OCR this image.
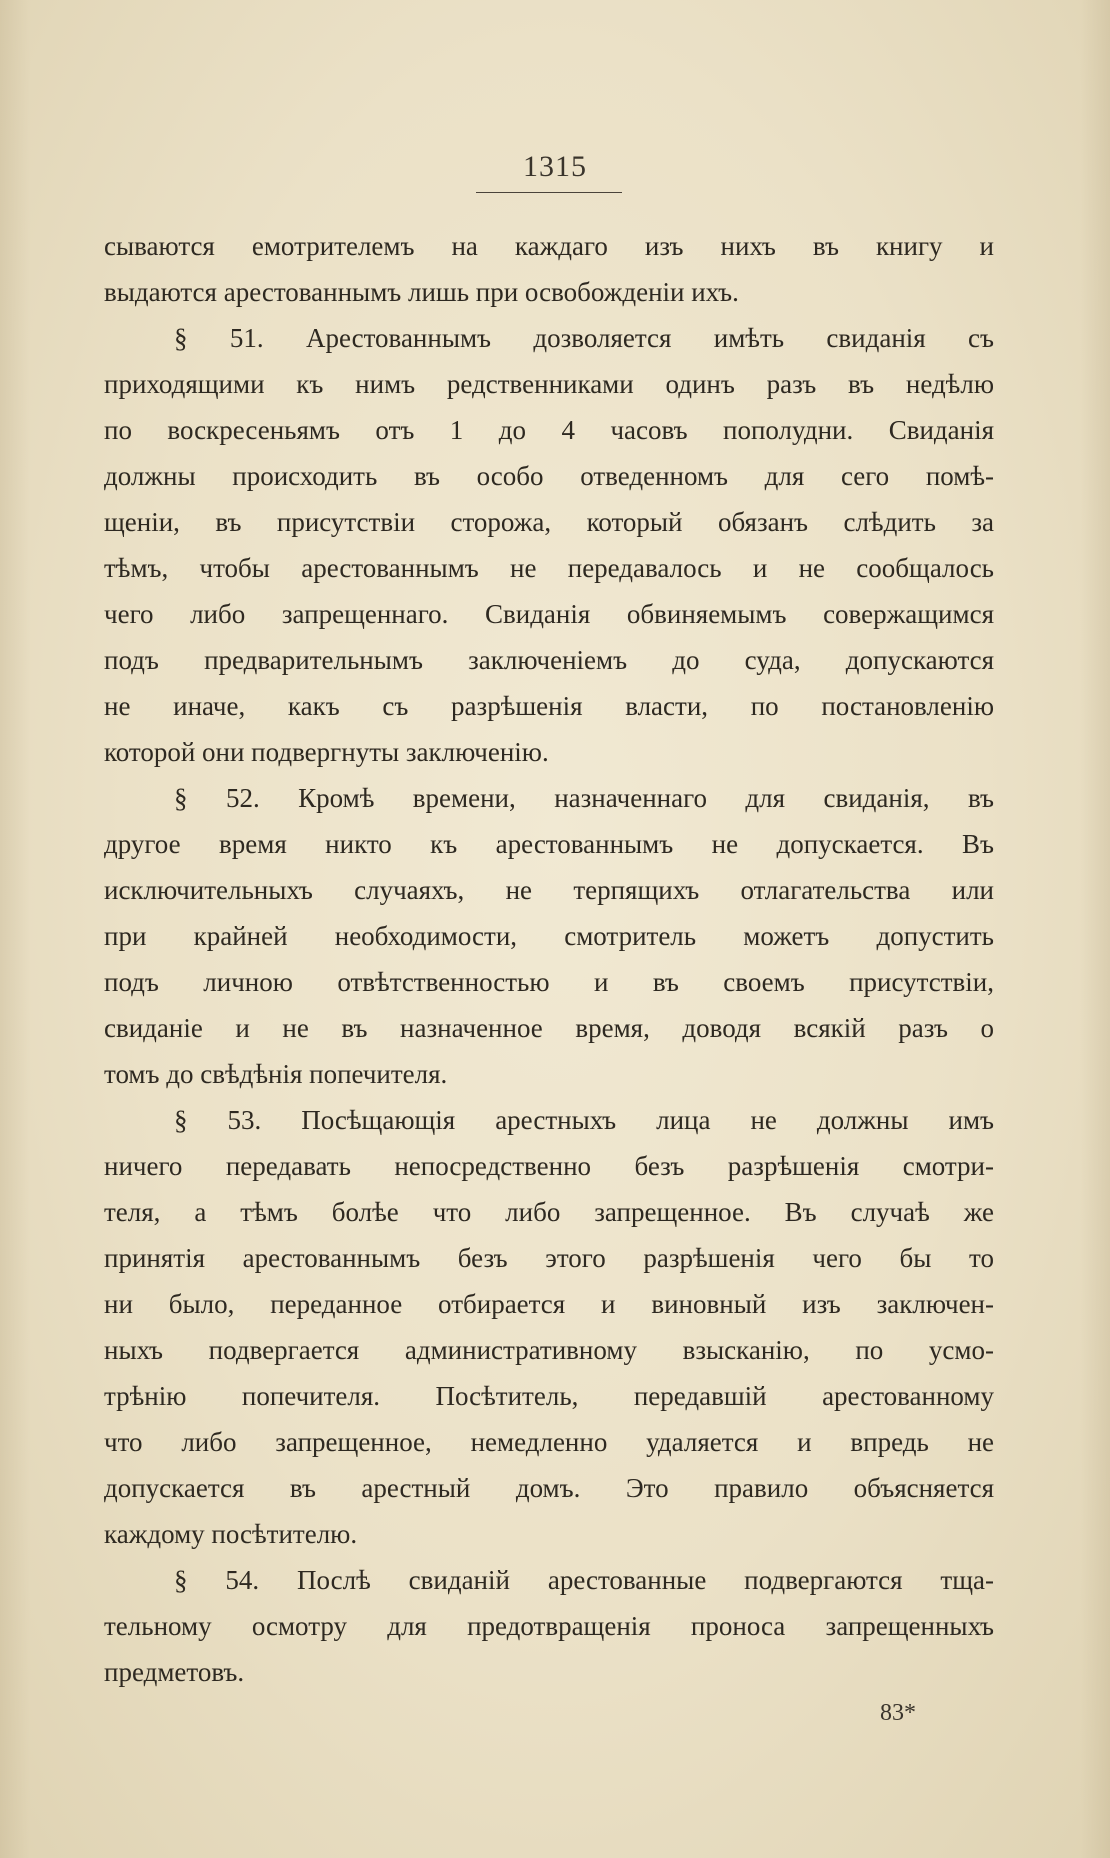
1315
сываются емотрителемъ на каждаго изъ нихъ въ книгу и
выдаются арестованнымъ лишь при освобожденіи ихъ.
§ 51. Арестованнымъ дозволяется имѣть свиданія съ
приходящими къ нимъ редственниками одинъ разъ въ недѣлю
по воскресеньямъ отъ 1 до 4 часовъ пополудни. Свиданія
должны происходить въ особо отведенномъ для сего помѣ-
щеніи, въ присутствіи сторожа, который обязанъ слѣдить за
тѣмъ, чтобы арестованнымъ не передавалось и не сообщалось
чего либо запрещеннаго. Свиданія обвиняемымъ совержащимся
подъ предварительнымъ заключеніемъ до суда, допускаются
не иначе, какъ съ разрѣшенія власти, по постановленію
которой они подвергнуты заключенію.
§ 52. Кромѣ времени, назначеннаго для свиданія, въ
другое время никто къ арестованнымъ не допускается. Въ
исключительныхъ случаяхъ, не терпящихъ отлагательства или
при крайней необходимости, смотритель можетъ допустить
подъ личною отвѣтственностью и въ своемъ присутствіи,
свиданіе и не въ назначенное время, доводя всякій разъ о
томъ до свѣдѣнія попечителя.
§ 53. Посѣщающія арестныхъ лица не должны имъ
ничего передавать непосредственно безъ разрѣшенія смотри-
теля, а тѣмъ болѣе что либо запрещенное. Въ случаѣ же
принятія арестованнымъ безъ этого разрѣшенія чего бы то
ни было, переданное отбирается и виновный изъ заключен-
ныхъ подвергается административному взысканію, по усмо-
трѣнію попечителя. Посѣтитель, передавшій арестованному
что либо запрещенное, немедленно удаляется и впредь не
допускается въ арестный домъ. Это правило объясняется
каждому посѣтителю.
§ 54. Послѣ свиданій арестованные подвергаются тща-
тельному осмотру для предотвращенія проноса запрещенныхъ
предметовъ.
83*
